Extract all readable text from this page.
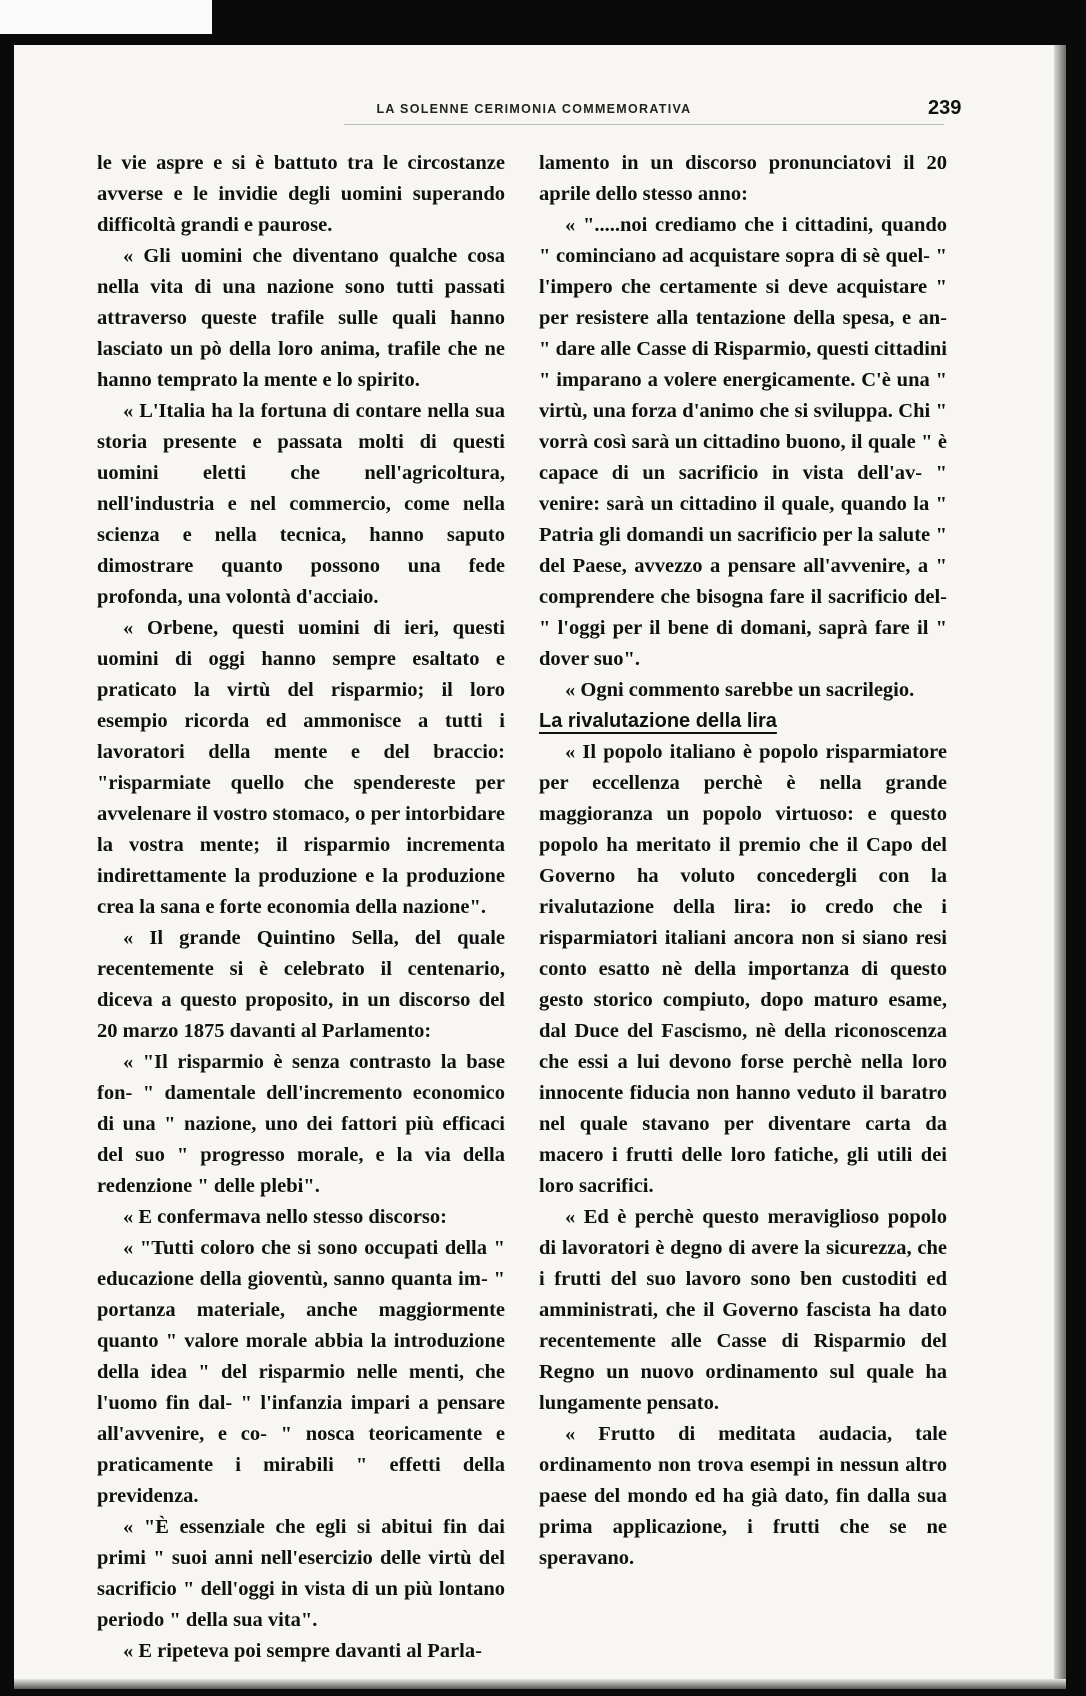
LA SOLENNE CERIMONIA COMMEMORATIVA	239

le vie aspre e si è battuto tra le circostanze avverse e le invidie degli uomini superando difficoltà grandi e paurose.

« Gli uomini che diventano qualche cosa nella vita di una nazione sono tutti passati attraverso queste trafile sulle quali hanno lasciato un pò della loro anima, trafile che ne hanno temprato la mente e lo spirito.

« L'Italia ha la fortuna di contare nella sua storia presente e passata molti di questi uomini eletti che nell'agricoltura, nell'industria e nel commercio, come nella scienza e nella tecnica, hanno saputo dimostrare quanto possono una fede profonda, una volontà d'acciaio.

« Orbene, questi uomini di ieri, questi uomini di oggi hanno sempre esaltato e praticato la virtù del risparmio; il loro esempio ricorda ed ammonisce a tutti i lavoratori della mente e del braccio: "risparmiate quello che spendereste per avvelenare il vostro stomaco, o per intorbidare la vostra mente; il risparmio incrementa indirettamente la produzione e la produzione crea la sana e forte economia della nazione".

« Il grande Quintino Sella, del quale recentemente si è celebrato il centenario, diceva a questo proposito, in un discorso del 20 marzo 1875 davanti al Parlamento:

« "Il risparmio è senza contrasto la base fon- " damentale dell'incremento economico di una " nazione, uno dei fattori più efficaci del suo " progresso morale, e la via della redenzione " delle plebi".

« E confermava nello stesso discorso:

« "Tutti coloro che si sono occupati della " educazione della gioventù, sanno quanta im- " portanza materiale, anche maggiormente quanto " valore morale abbia la introduzione della idea " del risparmio nelle menti, che l'uomo fin dal- " l'infanzia impari a pensare all'avvenire, e co- " nosca teoricamente e praticamente i mirabili " effetti della previdenza.

« "È essenziale che egli si abitui fin dai primi " suoi anni nell'esercizio delle virtù del sacrificio " dell'oggi in vista di un più lontano periodo " della sua vita".

« E ripeteva poi sempre davanti al Parla-

lamento in un discorso pronunciatovi il 20 aprile dello stesso anno:

« ".....noi crediamo che i cittadini, quando " cominciano ad acquistare sopra di sè quel- " l'impero che certamente si deve acquistare " per resistere alla tentazione della spesa, e an- " dare alle Casse di Risparmio, questi cittadini " imparano a volere energicamente. C'è una " virtù, una forza d'animo che si sviluppa. Chi " vorrà così sarà un cittadino buono, il quale " è capace di un sacrificio in vista dell'av- " venire: sarà un cittadino il quale, quando la " Patria gli domandi un sacrificio per la salute " del Paese, avvezzo a pensare all'avvenire, a " comprendere che bisogna fare il sacrificio del- " l'oggi per il bene di domani, saprà fare il " dover suo".

« Ogni commento sarebbe un sacrilegio.

La rivalutazione della lira

« Il popolo italiano è popolo risparmiatore per eccellenza perchè è nella grande maggioranza un popolo virtuoso: e questo popolo ha meritato il premio che il Capo del Governo ha voluto concedergli con la rivalutazione della lira: io credo che i risparmiatori italiani ancora non si siano resi conto esatto nè della importanza di questo gesto storico compiuto, dopo maturo esame, dal Duce del Fascismo, nè della riconoscenza che essi a lui devono forse perchè nella loro innocente fiducia non hanno veduto il baratro nel quale stavano per diventare carta da macero i frutti delle loro fatiche, gli utili dei loro sacrifici.

« Ed è perchè questo meraviglioso popolo di lavoratori è degno di avere la sicurezza, che i frutti del suo lavoro sono ben custoditi ed amministrati, che il Governo fascista ha dato recentemente alle Casse di Risparmio del Regno un nuovo ordinamento sul quale ha lungamente pensato.

« Frutto di meditata audacia, tale ordinamento non trova esempi in nessun altro paese del mondo ed ha già dato, fin dalla sua prima applicazione, i frutti che se ne speravano.
